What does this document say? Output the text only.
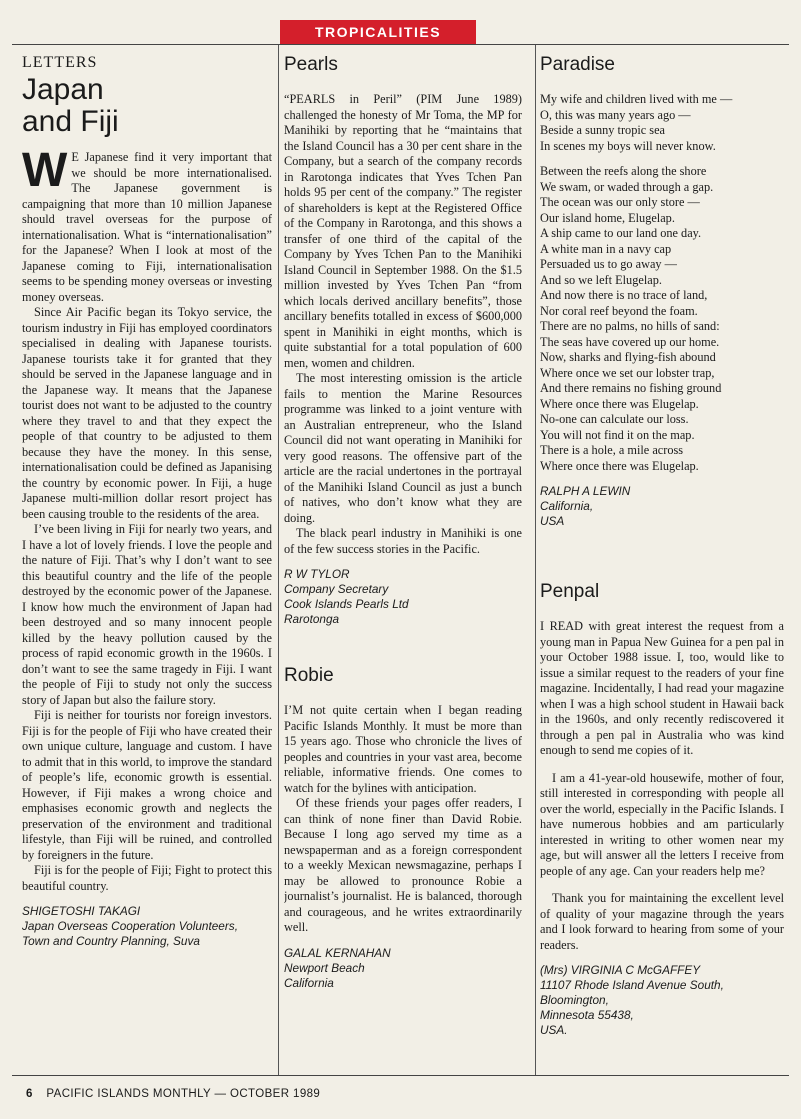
TROPICALITIES
LETTERS
Japan
and Fiji

WE Japanese find it very important that we should be more internationalised. The Japanese government is campaigning that more than 10 million Japanese should travel overseas for the purpose of internationalisation. What is “internationalisation” for the Japanese? When I look at most of the Japanese coming to Fiji, internationalisation seems to be spending money overseas or investing money overseas.

Since Air Pacific began its Tokyo service, the tourism industry in Fiji has employed coordinators specialised in dealing with Japanese tourists. Japanese tourists take it for granted that they should be served in the Japanese language and in the Japanese way. It means that the Japanese tourist does not want to be adjusted to the country where they travel to and that they expect the people of that country to be adjusted to them because they have the money. In this sense, internationalisation could be defined as Japanising the country by economic power. In Fiji, a huge Japanese multi-million dollar resort project has been causing trouble to the residents of the area.

I’ve been living in Fiji for nearly two years, and I have a lot of lovely friends. I love the people and the nature of Fiji. That’s why I don’t want to see this beautiful country and the life of the people destroyed by the economic power of the Japanese. I know how much the environment of Japan had been destroyed and so many innocent people killed by the heavy pollution caused by the process of rapid economic growth in the 1960s. I don’t want to see the same tragedy in Fiji. I want the people of Fiji to study not only the success story of Japan but also the failure story.

Fiji is neither for tourists nor foreign investors. Fiji is for the people of Fiji who have created their own unique culture, language and custom. I have to admit that in this world, to improve the standard of people’s life, economic growth is essential. However, if Fiji makes a wrong choice and emphasises economic growth and neglects the preservation of the environment and traditional lifestyle, than Fiji will be ruined, and controlled by foreigners in the future.

Fiji is for the people of Fiji; Fight to protect this beautiful country.

SHIGETOSHI TAKAGI
Japan Overseas Cooperation Volunteers,
Town and Country Planning, Suva
Pearls

“PEARLS in Peril” (PIM June 1989) challenged the honesty of Mr Toma, the MP for Manihiki by reporting that he “maintains that the Island Council has a 30 per cent share in the Company, but a search of the company records in Rarotonga indicates that Yves Tchen Pan holds 95 per cent of the company.” The register of shareholders is kept at the Registered Office of the Company in Rarotonga, and this shows a transfer of one third of the capital of the Company by Yves Tchen Pan to the Manihiki Island Council in September 1988. On the $1.5 million invested by Yves Tchen Pan “from which locals derived ancillary benefits”, those ancillary benefits totalled in excess of $600,000 spent in Manihiki in eight months, which is quite substantial for a total population of 600 men, women and children.

The most interesting omission is the article fails to mention the Marine Resources programme was linked to a joint venture with an Australian entrepreneur, who the Island Council did not want operating in Manihiki for very good reasons. The offensive part of the article are the racial undertones in the portrayal of the Manihiki Island Council as just a bunch of natives, who don’t know what they are doing.

The black pearl industry in Manihiki is one of the few success stories in the Pacific.

R W TYLOR
Company Secretary
Cook Islands Pearls Ltd
Rarotonga
Robie

I’M not quite certain when I began reading Pacific Islands Monthly. It must be more than 15 years ago. Those who chronicle the lives of peoples and countries in your vast area, become reliable, informative friends. One comes to watch for the bylines with anticipation.

Of these friends your pages offer readers, I can think of none finer than David Robie. Because I long ago served my time as a newspaperman and as a foreign correspondent to a weekly Mexican newsmagazine, perhaps I may be allowed to pronounce Robie a journalist’s journalist. He is balanced, thorough and courageous, and he writes extraordinarily well.

GALAL KERNAHAN
Newport Beach
California
Paradise

My wife and children lived with me —

O, this was many years ago —

Beside a sunny tropic sea

In scenes my boys will never know.

Between the reefs along the shore

We swam, or waded through a gap.

The ocean was our only store —

Our island home, Elugelap.

A ship came to our land one day.

A white man in a navy cap

Persuaded us to go away —

And so we left Elugelap.

And now there is no trace of land,

Nor coral reef beyond the foam.

There are no palms, no hills of sand:

The seas have covered up our home.

Now, sharks and flying-fish abound

Where once we set our lobster trap,

And there remains no fishing ground

Where once there was Elugelap.

No-one can calculate our loss.

You will not find it on the map.

There is a hole, a mile across

Where once there was Elugelap.

RALPH A LEWIN
California,
USA
Penpal

I READ with great interest the request from a young man in Papua New Guinea for a pen pal in your October 1988 issue. I, too, would like to issue a similar request to the readers of your fine magazine. Incidentally, I had read your magazine when I was a high school student in Hawaii back in the 1960s, and only recently rediscovered it through a pen pal in Australia who was kind enough to send me copies of it.

I am a 41-year-old housewife, mother of four, still interested in corresponding with people all over the world, especially in the Pacific Islands. I have numerous hobbies and am particularly interested in writing to other women near my age, but will answer all the letters I receive from people of any age. Can your readers help me?

Thank you for maintaining the excellent level of quality of your magazine through the years and I look forward to hearing from some of your readers.

(Mrs) VIRGINIA C McGAFFEY
11107 Rhode Island Avenue South,
Bloomington,
Minnesota 55438,
USA.
6 PACIFIC ISLANDS MONTHLY — OCTOBER 1989
